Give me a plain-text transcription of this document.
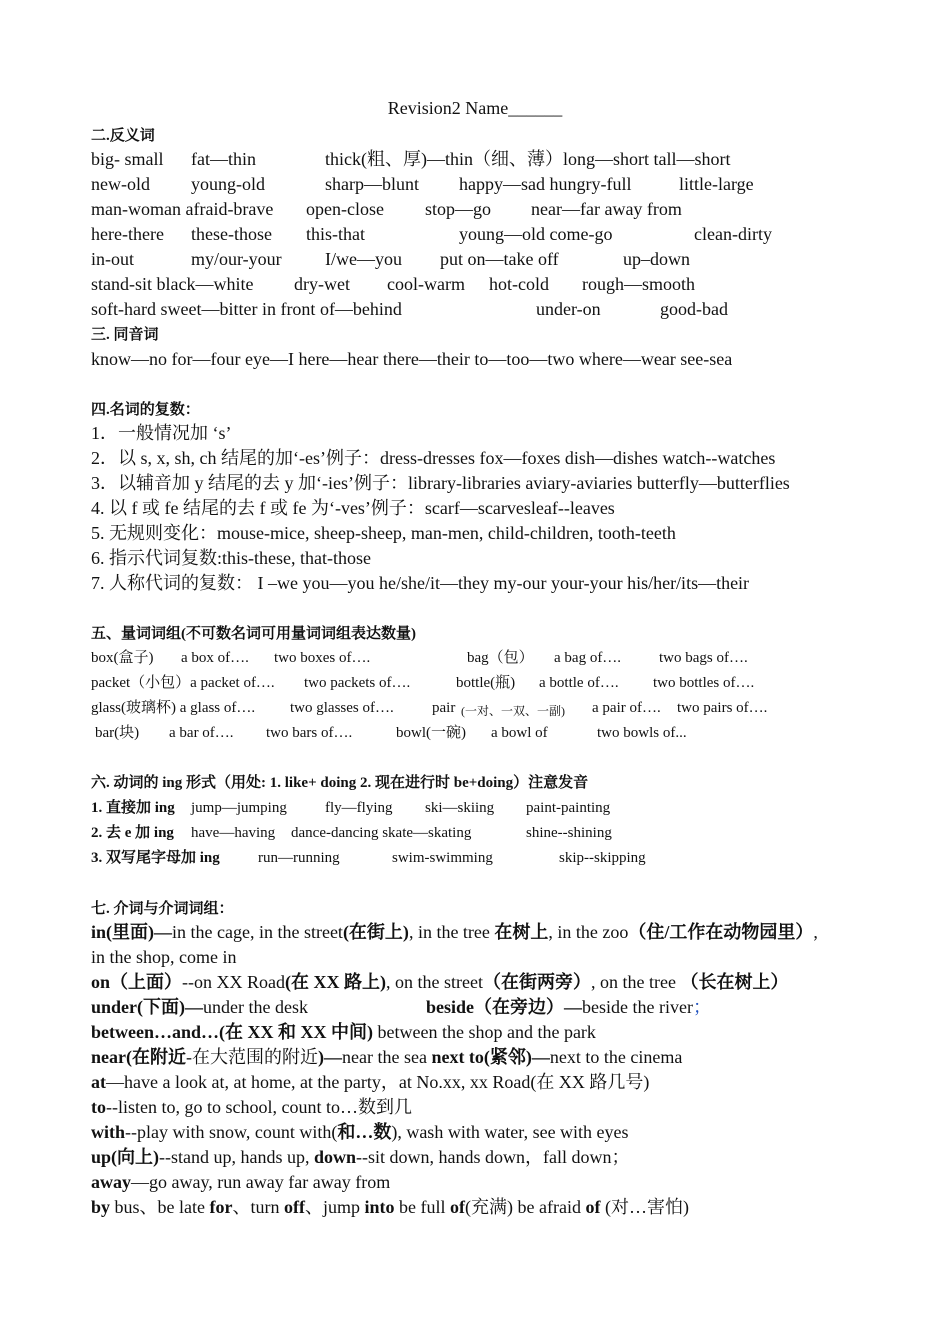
Revision2 Name______
二.反义词
big- small fat—thin	thick(粗、厚)—thin（细、薄）long—short tall—short
new-old young-old	sharp—blunt happy—sad hungry-full	little-large
man-woman afraid-brave open-close stop—go near—far away from
here-there these-those this-that	young—old come-go	clean-dirty
in-out	my/our-your I/we—you put on—take off	up–down
stand-sit black—white dry-wet cool-warm hot-cold rough—smooth
soft-hard sweet—bitter in front of—behind	under-on	good-bad
三. 同音词
know—no for—four eye—I here—hear there—their to—too—two where—wear see-sea
四.名词的复数：
1．一般情况加 ‘s’
2．以 s, x, sh, ch 结尾的加‘-es’例子：dress-dresses fox—foxes dish—dishes watch--watches
3．以辅音加 y 结尾的去 y 加‘-ies’例子：library-libraries aviary-aviaries butterfly—butterflies
4. 以 f 或 fe 结尾的去 f 或 fe 为‘-ves’例子：scarf—scarvesleaf--leaves
5. 无规则变化：mouse-mice, sheep-sheep, man-men, child-children, tooth-teeth
6. 指示代词复数:this-these, that-those
7. 人称代词的复数： I –we you—you he/she/it—they my-our your-your his/her/its—their
五、量词词组(不可数名词可用量词词组表达数量)
box(盒子) a box of…. two boxes of….	bag（包） a bag of….	two bags of….
packet（小包）a packet of…. two packets of….	bottle(瓶) a bottle of…. two bottles of….
glass(玻璃杯) a glass of…. two glasses of….	pair (一对、一双、一副) a pair of…. two pairs of….
bar(块) a bar of…. two bars of….	bowl(一碗) a bowl of	two bowls of...
六. 动词的 ing 形式（用处: 1. like+ doing 2. 现在进行时 be+doing）注意发音
1. 直接加 ing jump—jumping	fly—flying ski—skiing paint-painting
2. 去 e 加 ing have—having dance-dancing skate—skating	shine--shining
3. 双写尾字母加 ing	run—running	swim-swimming	skip--skipping
七. 介词与介词词组：
in(里面)—in the cage, in the street(在街上), in the tree 在树上, in the zoo（住/工作在动物园里）,
in the shop, come in
on（上面）--on XX Road(在 XX 路上), on the street（在街两旁）, on the tree （长在树上）
under(下面)—under the desk	beside（在旁边）—beside the river；
between…and…(在 XX 和 XX 中间) between the shop and the park
near(在附近-在大范围的附近)—near the sea next to(紧邻)—next to the cinema
at—have a look at, at home, at the party，at No.xx, xx Road(在 XX 路几号)
to--listen to, go to school, count to…数到几
with--play with snow, count with(和…数), wash with water, see with eyes
up(向上)--stand up, hands up, down--sit down, hands down，fall down；
away—go away, run away far away from
by bus、be late for、turn off、jump into be full of(充满) be afraid of (对…害怕)
